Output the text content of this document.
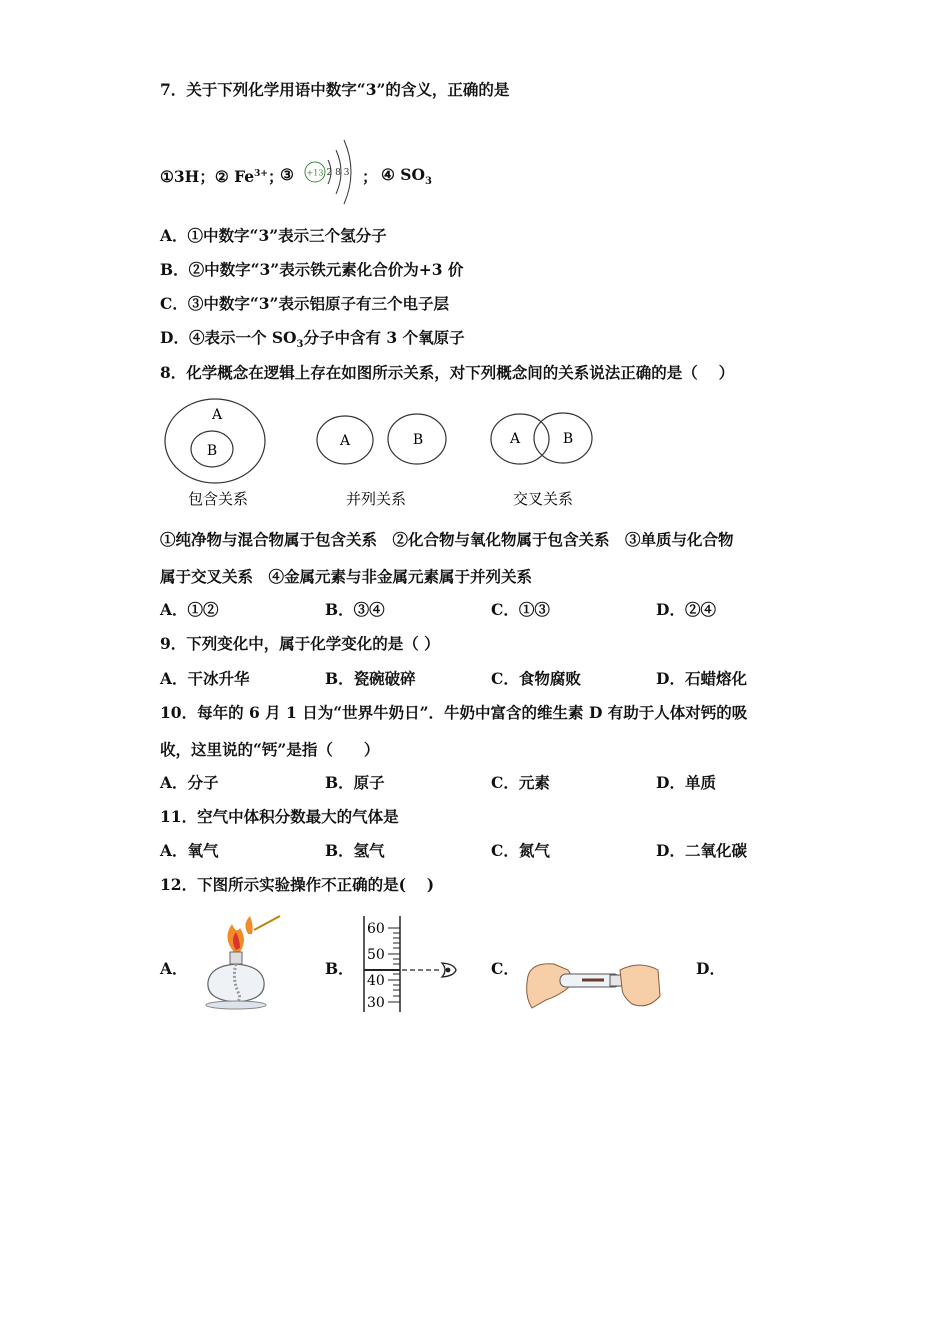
7．关于下列化学用语中数字“3”的含义，正确的是
①3H；② $Fe^{3+}$；
③ +13 2 8 3 ； ④ $SO_3$
A．①中数字“3”表示三个氢分子
B．②中数字“3”表示铁元素化合价为+3 价
C．③中数字“3”表示铝原子有三个电子层
D．④表示一个 $SO_3$分子中含有 3 个氧原子
8．化学概念在逻辑上存在如图所示关系，对下列概念间的关系说法正确的是（　 ）
A
B
包含关系
A	B
并列关系
A	B
交叉关系
①纯净物与混合物属于包含关系　②化合物与氧化物属于包含关系　③单质与化合物
属于交叉关系　④金属元素与非金属元素属于并列关系
A．①②	B．③④	C．①③	D．②④
9．下列变化中，属于化学变化的是（ ）
A．干冰升华	B．瓷碗破碎	C．食物腐败	D．石蜡熔化
10．每年的 6 月 1 日为“世界牛奶日”．牛奶中富含的维生素 D 有助于人体对钙的吸
收，这里说的“钙”是指（　　）
A．分子	B．原子	C．元素	D．单质
11．空气中体积分数最大的气体是
A．氧气	B．氢气	C．氮气	D．二氧化碳
12．下图所示实验操作不正确的是(　 )
A．	B．
60
50
40
30
C．	D．
